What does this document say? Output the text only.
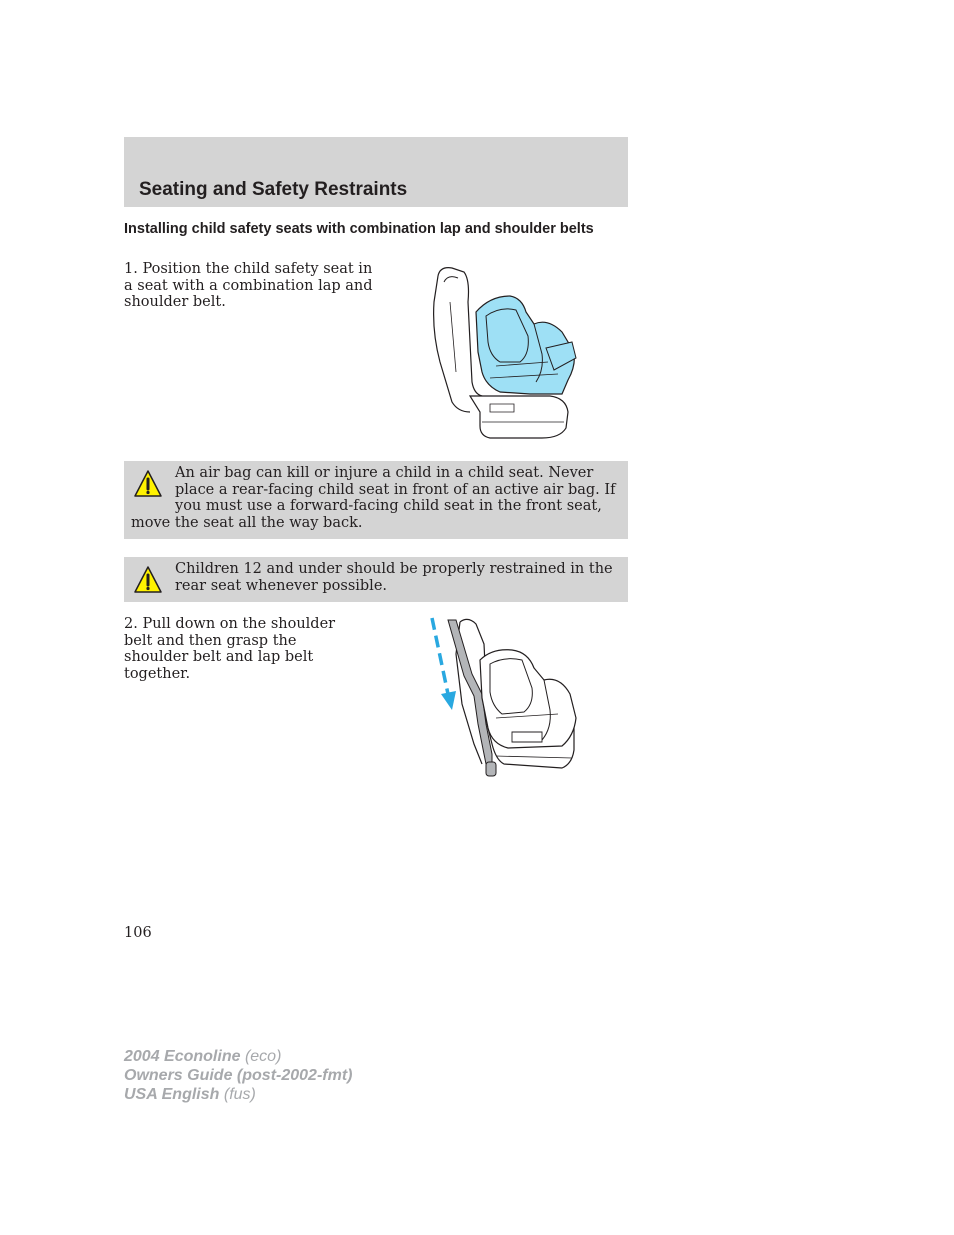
Seating and Safety Restraints
Installing child safety seats with combination lap and shoulder belts

1. Position the child safety seat in a seat with a combination lap and shoulder belt.

An air bag can kill or injure a child in a child seat. Never place a rear-facing child seat in front of an active air bag. If you must use a forward-facing child seat in the front seat, move the seat all the way back.
Children 12 and under should be properly restrained in the rear seat whenever possible.

2. Pull down on the shoulder belt and then grasp the shoulder belt and lap belt together.

106

2004 Econoline (eco)
Owners Guide (post-2002-fmt)
USA English (fus)
